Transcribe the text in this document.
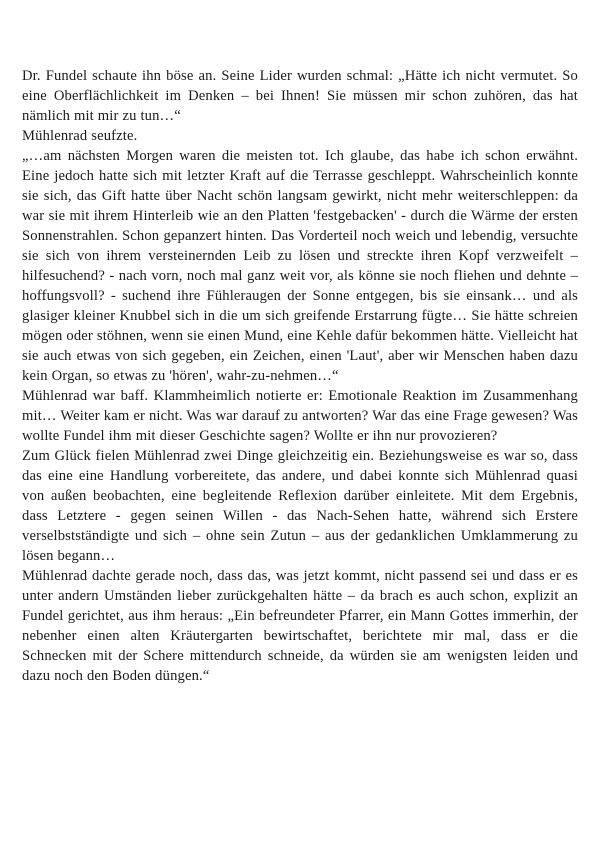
Dr. Fundel schaute ihn böse an. Seine Lider wurden schmal: „Hätte ich nicht vermutet. So eine Oberflächlichkeit im Denken – bei Ihnen! Sie müssen mir schon zuhören, das hat nämlich mit mir zu tun…“

Mühlenrad seufzte.

„…am nächsten Morgen waren die meisten tot. Ich glaube, das habe ich schon erwähnt. Eine jedoch hatte sich mit letzter Kraft auf die Terrasse geschleppt. Wahrscheinlich konnte sie sich, das Gift hatte über Nacht schön langsam gewirkt, nicht mehr weiterschleppen: da war sie mit ihrem Hinterleib wie an den Platten 'festgebacken' - durch die Wärme der ersten Sonnenstrahlen. Schon gepanzert hinten. Das Vorderteil noch weich und lebendig, versuchte sie sich von ihrem versteinernden Leib zu lösen und streckte ihren Kopf verzweifelt – hilfesuchend? - nach vorn, noch mal ganz weit vor, als könne sie noch fliehen und dehnte – hoffungsvoll? - suchend ihre Fühleraugen der Sonne entgegen, bis sie einsank… und als glasiger kleiner Knubbel sich in die um sich greifende Erstarrung fügte… Sie hätte schreien mögen oder stöhnen, wenn sie einen Mund, eine Kehle dafür bekommen hätte. Vielleicht hat sie auch etwas von sich gegeben, ein Zeichen, einen 'Laut', aber wir Menschen haben dazu kein Organ, so etwas zu 'hören', wahr-zu-nehmen…“

Mühlenrad war baff. Klammheimlich notierte er: Emotionale Reaktion im Zusammenhang mit… Weiter kam er nicht. Was war darauf zu antworten? War das eine Frage gewesen? Was wollte Fundel ihm mit dieser Geschichte sagen? Wollte er ihn nur provozieren?

Zum Glück fielen Mühlenrad zwei Dinge gleichzeitig ein. Beziehungsweise es war so, dass das eine eine Handlung vorbereitete, das andere, und dabei konnte sich Mühlenrad quasi von außen beobachten, eine begleitende Reflexion darüber einleitete. Mit dem Ergebnis, dass Letztere - gegen seinen Willen - das Nach-Sehen hatte, während sich Erstere verselbstständigte und sich – ohne sein Zutun – aus der gedanklichen Umklammerung zu lösen begann…

Mühlenrad dachte gerade noch, dass das, was jetzt kommt, nicht passend sei und dass er es unter andern Umständen lieber zurückgehalten hätte – da brach es auch schon, explizit an Fundel gerichtet, aus ihm heraus: „Ein befreundeter Pfarrer, ein Mann Gottes immerhin, der nebenher einen alten Kräutergarten bewirtschaftet, berichtete mir mal, dass er die Schnecken mit der Schere mittendurch schneide, da würden sie am wenigsten leiden und dazu noch den Boden düngen.“
